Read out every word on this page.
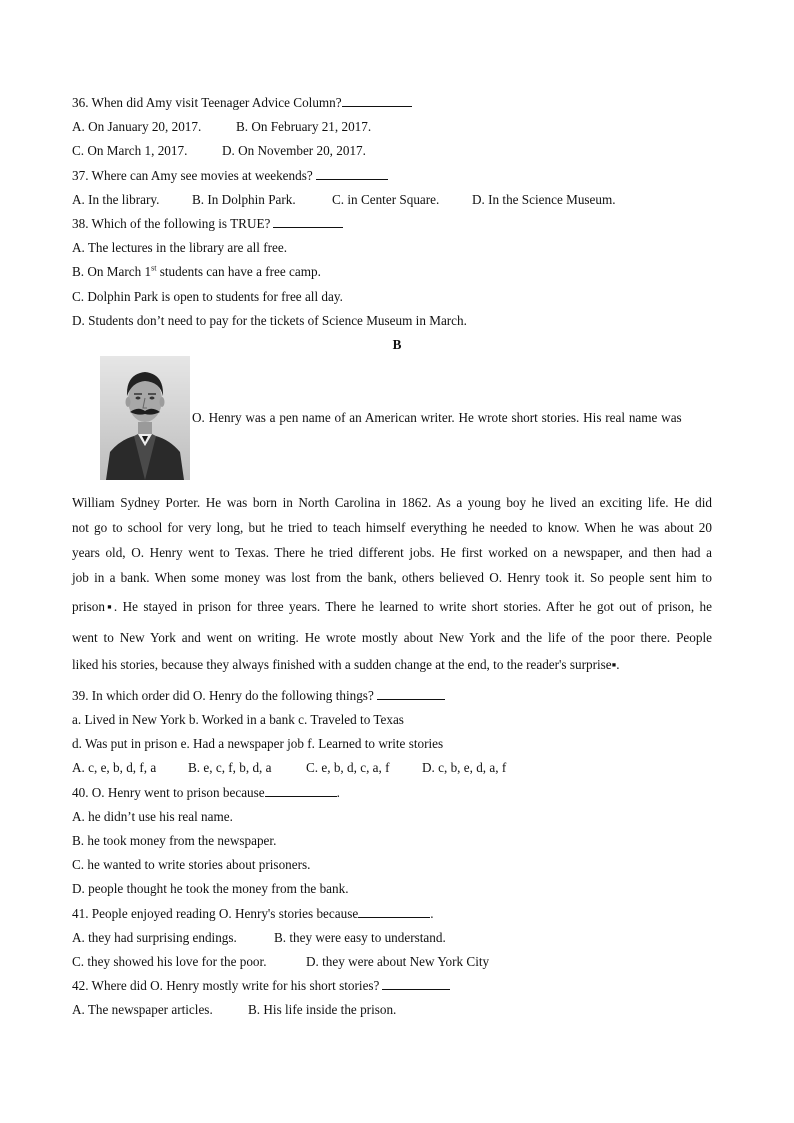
36. When did Amy visit Teenager Advice Column?
A. On January 20, 2017.	B. On February 21, 2017.
C. On March 1, 2017.	D. On November 20, 2017.
37. Where can Amy see movies at weekends?
A. In the library. B. In Dolphin Park.	C. in Center Square. D. In the Science Museum.
38. Which of the following is TRUE?
A. The lectures in the library are all free.
B. On March 1st students can have a free camp.
C. Dolphin Park is open to students for free all day.
D. Students don’t need to pay for the tickets of Science Museum in March.
B
O. Henry was a pen name of an American writer. He wrote short stories. His real name was
William Sydney Porter. He was born in North Carolina in 1862. As a young boy he lived an exciting life. He did
not go to school for very long, but he tried to teach himself everything he needed to know. When he was about 20
years old, O. Henry went to Texas. There he tried different jobs. He first worked on a newspaper, and then had a
job in a bank. When some money was lost from the bank, others believed O. Henry took it. So people sent him to
prison▪. He stayed in prison for three years. There he learned to write short stories. After he got out of prison, he
went to New York and went on writing. He wrote mostly about New York and the life of the poor there. People
liked his stories, because they always finished with a sudden change at the end, to the reader's surprise▪.
39. In which order did O. Henry do the following things?
a. Lived in New York b. Worked in a bank c. Traveled to Texas
d. Was put in prison e. Had a newspaper job f. Learned to write stories
A. c, e, b, d, f, a B. e, c, f, b, d, a	C. e, b, d, c, a, f D. c, b, e, d, a, f
40. O. Henry went to prison because	.
A. he didn’t use his real name.
B. he took money from the newspaper.
C. he wanted to write stories about prisoners.
D. people thought he took the money from the bank.
41. People enjoyed reading O. Henry's stories because	.
A. they had surprising endings.	B. they were easy to understand.
C. they showed his love for the poor.	D. they were about New York City
42. Where did O. Henry mostly write for his short stories?
A. The newspaper articles.	B. His life inside the prison.
